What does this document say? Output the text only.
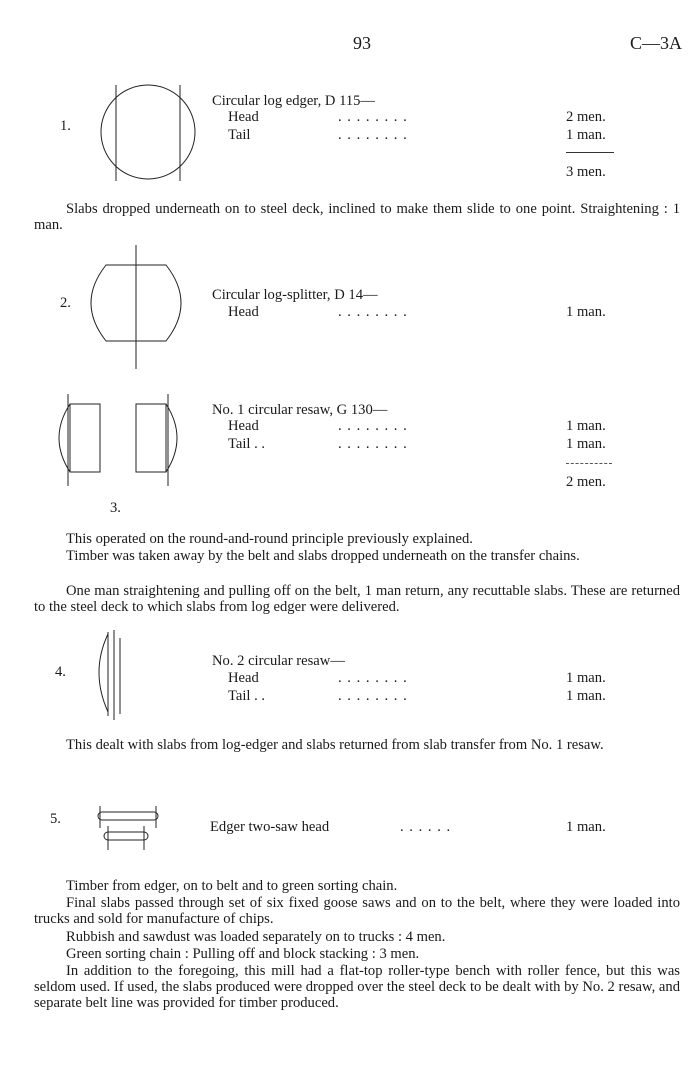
93	C—3A
1.
Circular log edger, D 115—
Head	. . . . . . . .	2 men.
Tail	. . . . . . . .	1 man.
3 men.
Slabs dropped underneath on to steel deck, inclined to make them slide to one point. Straightening : 1 man.
2.	Circular log-splitter, D 14—
Head	. . . . . . . .	1 man.
3.
No. 1 circular resaw, G 130—
Head	. . . . . . . .	1 man.
Tail . .	. . . . . . . .	1 man.
2 men.
This operated on the round-and-round principle previously explained.
Timber was taken away by the belt and slabs dropped underneath on the transfer chains.
One man straightening and pulling off on the belt, 1 man return, any recuttable slabs. These are returned to the steel deck to which slabs from log edger were delivered.
4.
No. 2 circular resaw—
Head	. . . . . . . .	1 man.
Tail . .	. . . . . . . .	1 man.
This dealt with slabs from log-edger and slabs returned from slab transfer from No. 1 resaw.
5.	Edger two-saw head	. . . . . .	1 man.
Timber from edger, on to belt and to green sorting chain.
Final slabs passed through set of six fixed goose saws and on to the belt, where they were loaded into trucks and sold for manufacture of chips.
Rubbish and sawdust was loaded separately on to trucks : 4 men.
Green sorting chain : Pulling off and block stacking : 3 men.
In addition to the foregoing, this mill had a flat-top roller-type bench with roller fence, but this was seldom used. If used, the slabs produced were dropped over the steel deck to be dealt with by No. 2 resaw, and separate belt line was provided for timber produced.
